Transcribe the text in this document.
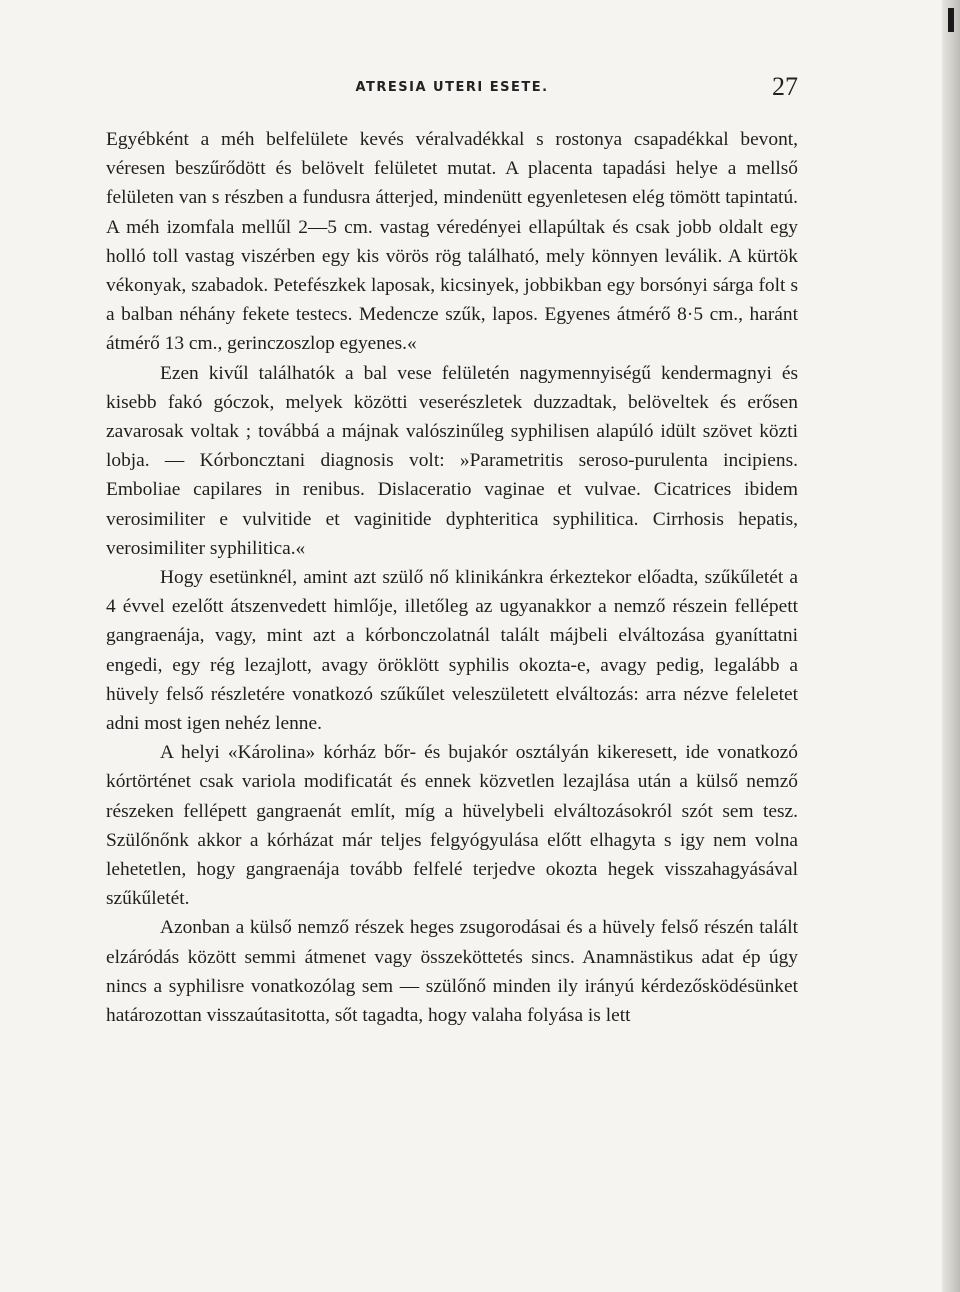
ATRESIA UTERI ESETE.	27

Egyébként a méh belfelülete kevés véralvadékkal s rostonya csapadékkal bevont, véresen beszűrődött és belövelt felületet mutat. A placenta tapadási helye a mellső felületen van s részben a fundusra átterjed, mindenütt egyenletesen elég tömött tapintatú. A méh izomfala mellűl 2—5 cm. vastag véredényei ellapúltak és csak jobb oldalt egy holló toll vastag viszérben egy kis vörös rög található, mely könnyen leválik. A kürtök vékonyak, szabadok. Petefészkek laposak, kicsinyek, jobbikban egy borsónyi sárga folt s a balban néhány fekete testecs. Medencze szűk, lapos. Egyenes átmérő 8·5 cm., haránt átmérő 13 cm., gerinczoszlop egyenes.«

Ezen kivűl találhatók a bal vese felületén nagymennyiségű kendermagnyi és kisebb fakó góczok, melyek közötti veserészletek duzzadtak, belöveltek és erősen zavarosak voltak ; továbbá a májnak valószinűleg syphilisen alapúló idült szövet közti lobja. — Kórboncztani diagnosis volt: »Parametritis seroso-purulenta incipiens. Emboliae capilares in renibus. Dislaceratio vaginae et vulvae. Cicatrices ibidem verosimiliter e vulvitide et vaginitide dyphteritica syphilitica. Cirrhosis hepatis, verosimiliter syphilitica.«

Hogy esetünknél, amint azt szülő nő klinikánkra érkeztekor előadta, szűkűletét a 4 évvel ezelőtt átszenvedett himlője, illetőleg az ugyanakkor a nemző részein fellépett gangraenája, vagy, mint azt a kórbonczolatnál talált májbeli elváltozása gyaníttatni engedi, egy rég lezajlott, avagy öröklött syphilis okozta-e, avagy pedig, legalább a hüvely felső részletére vonatkozó szűkűlet veleszületett elváltozás: arra nézve feleletet adni most igen nehéz lenne.

A helyi «Károlina» kórház bőr- és bujakór osztályán kikeresett, ide vonatkozó kórtörténet csak variola modificatát és ennek közvetlen lezajlása után a külső nemző részeken fellépett gangraenát említ, míg a hüvelybeli elváltozásokról szót sem tesz. Szülőnőnk akkor a kórházat már teljes felgyógyulása előtt elhagyta s igy nem volna lehetetlen, hogy gangraenája tovább felfelé terjedve okozta hegek visszahagyásával szűkűletét.

Azonban a külső nemző részek heges zsugorodásai és a hüvely felső részén talált elzáródás között semmi átmenet vagy összeköttetés sincs. Anamnästikus adat ép úgy nincs a syphilisre vonatkozólag sem — szülőnő minden ily irányú kérdezősködésünket határozottan visszaútasitotta, sőt tagadta, hogy valaha folyása is lett
